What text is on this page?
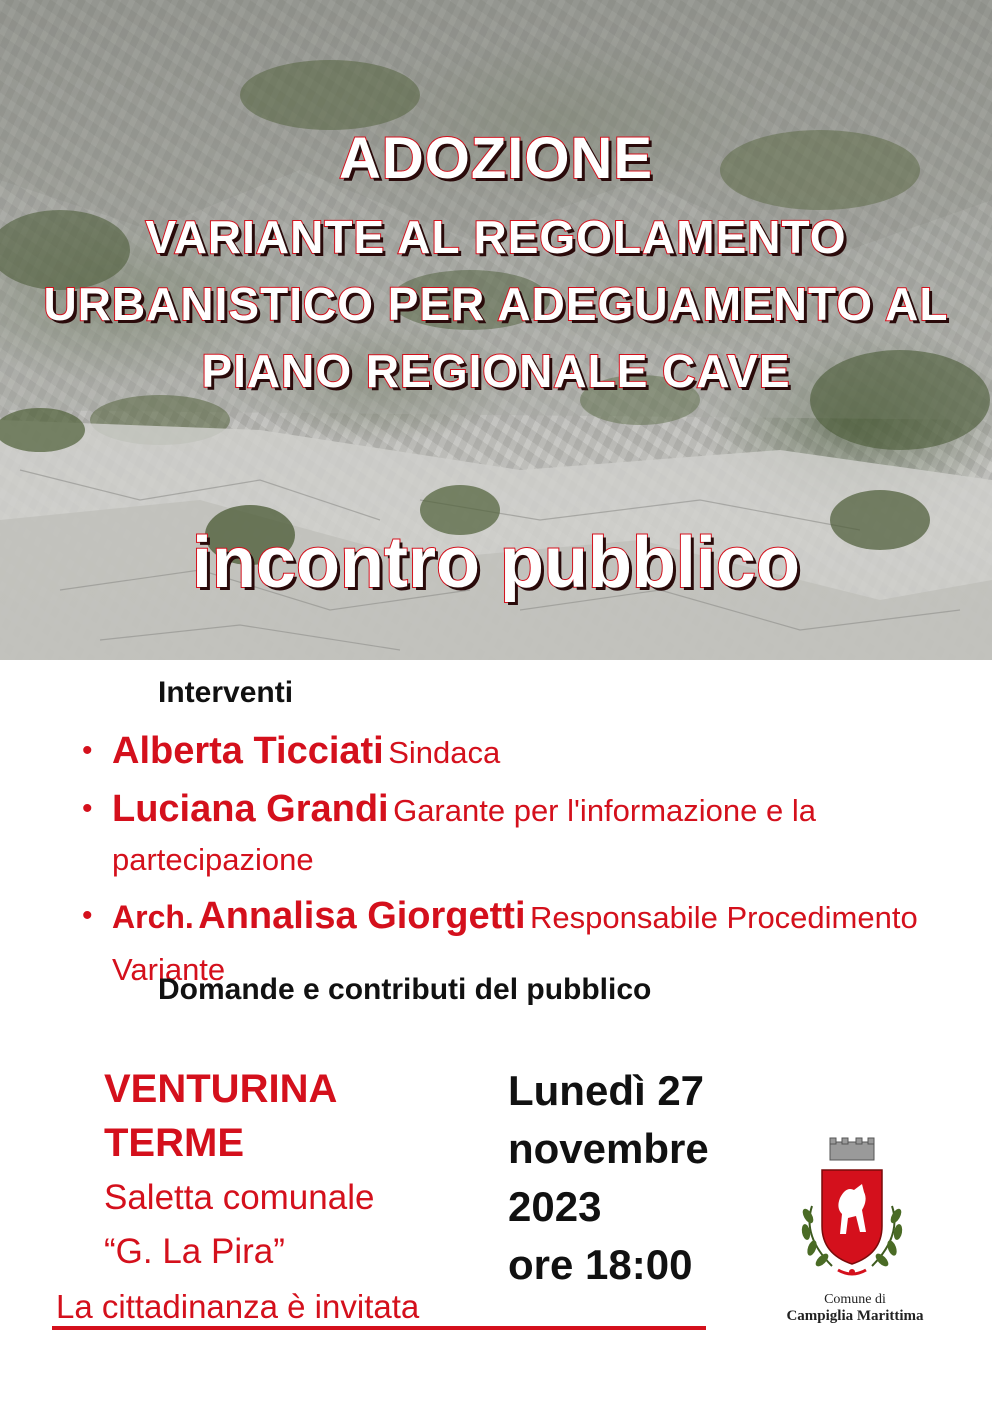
ADOZIONE
VARIANTE AL REGOLAMENTO URBANISTICO PER ADEGUAMENTO AL PIANO REGIONALE CAVE
incontro pubblico
Interventi
• Alberta Ticciati Sindaca
• Luciana Grandi Garante per l'informazione e la partecipazione
• Arch. Annalisa Giorgetti Responsabile Procedimento Variante
Domande e contributi del pubblico
VENTURINA TERME
Saletta comunale
“G. La Pira”
Lunedì 27
novembre
2023
ore 18:00
La cittadinanza è invitata	Comune di
Campiglia Marittima
